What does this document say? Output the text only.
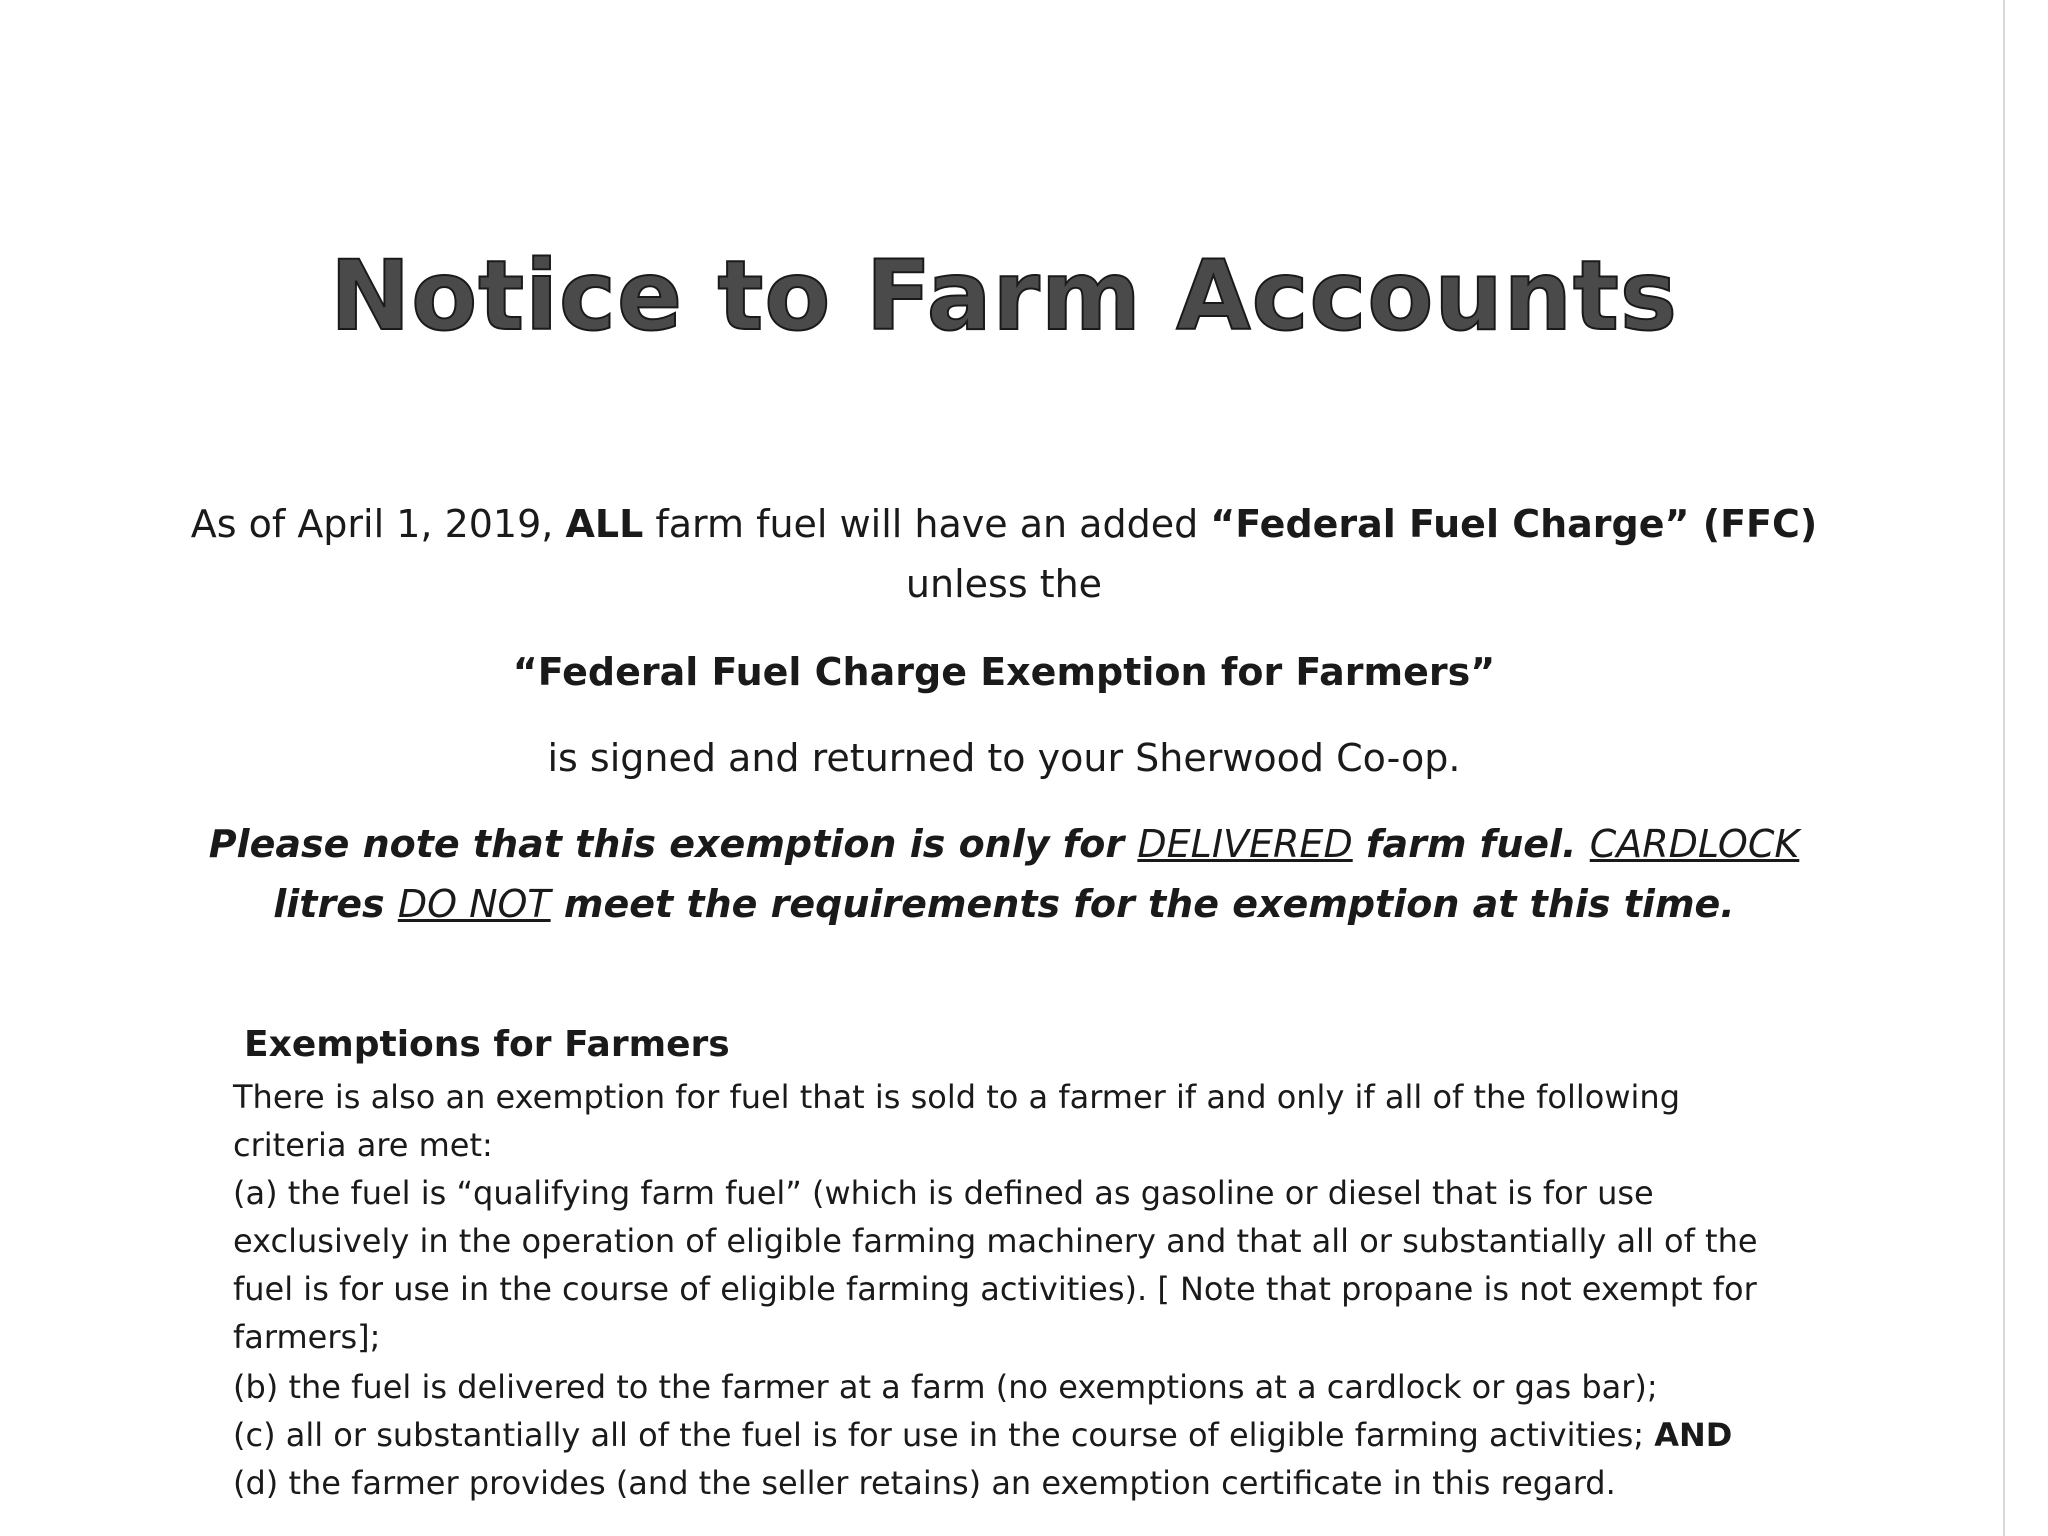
Notice to Farm Accounts
As of April 1, 2019, ALL farm fuel will have an added “Federal Fuel Charge” (FFC)
unless the
“Federal Fuel Charge Exemption for Farmers”
is signed and returned to your Sherwood Co-op.
Please note that this exemption is only for DELIVERED farm fuel. CARDLOCK
litres DO NOT meet the requirements for the exemption at this time.
Exemptions for Farmers
There is also an exemption for fuel that is sold to a farmer if and only if all of the following
criteria are met:
(a) the fuel is “qualifying farm fuel” (which is defined as gasoline or diesel that is for use
exclusively in the operation of eligible farming machinery and that all or substantially all of the
fuel is for use in the course of eligible farming activities). [ Note that propane is not exempt for
farmers];
(b) the fuel is delivered to the farmer at a farm (no exemptions at a cardlock or gas bar);
(c) all or substantially all of the fuel is for use in the course of eligible farming activities; AND
(d) the farmer provides (and the seller retains) an exemption certificate in this regard.
